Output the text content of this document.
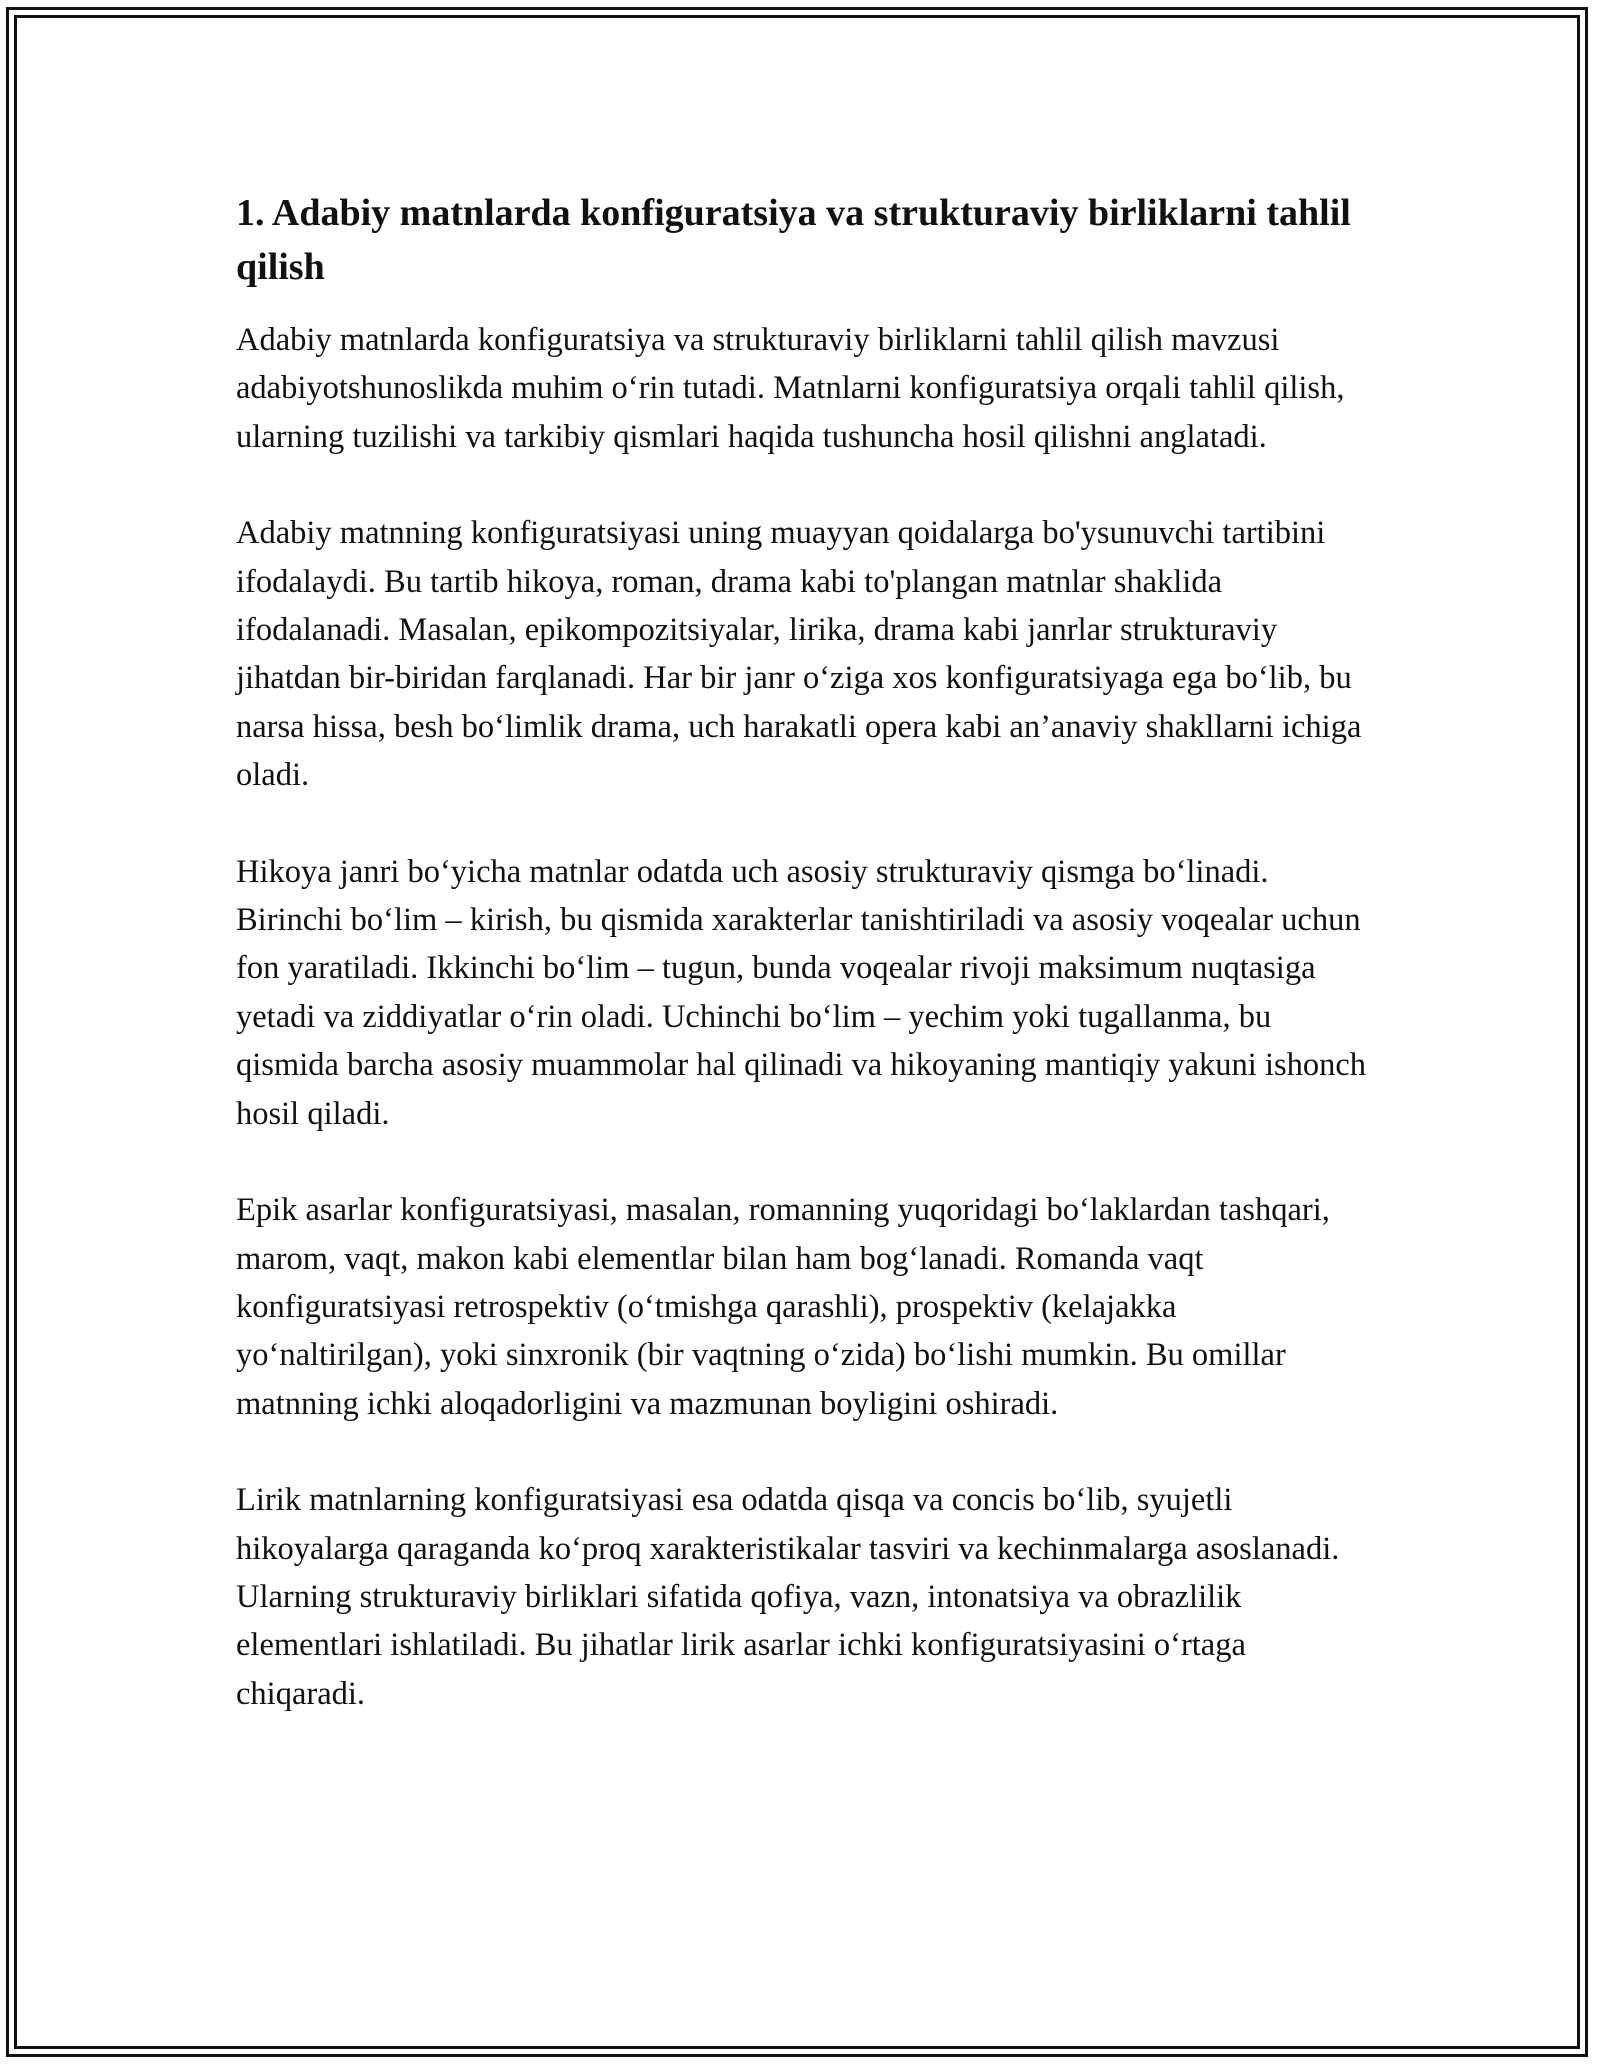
1. Adabiy matnlarda konfiguratsiya va strukturaviy birliklarni tahlil qilish

Adabiy matnlarda konfiguratsiya va strukturaviy birliklarni tahlil qilish mavzusi adabiyotshunoslikda muhim o‘rin tutadi. Matnlarni konfiguratsiya orqali tahlil qilish, ularning tuzilishi va tarkibiy qismlari haqida tushuncha hosil qilishni anglatadi.

Adabiy matnning konfiguratsiyasi uning muayyan qoidalarga bo'ysunuvchi tartibini ifodalaydi. Bu tartib hikoya, roman, drama kabi to'plangan matnlar shaklida ifodalanadi. Masalan, epikompozitsiyalar, lirika, drama kabi janrlar strukturaviy jihatdan bir-biridan farqlanadi. Har bir janr o‘ziga xos konfiguratsiyaga ega bo‘lib, bu narsa hissa, besh bo‘limlik drama, uch harakatli opera kabi an’anaviy shakllarni ichiga oladi.

Hikoya janri bo‘yicha matnlar odatda uch asosiy strukturaviy qismga bo‘linadi. Birinchi bo‘lim – kirish, bu qismida xarakterlar tanishtiriladi va asosiy voqealar uchun fon yaratiladi. Ikkinchi bo‘lim – tugun, bunda voqealar rivoji maksimum nuqtasiga yetadi va ziddiyatlar o‘rin oladi. Uchinchi bo‘lim – yechim yoki tugallanma, bu qismida barcha asosiy muammolar hal qilinadi va hikoyaning mantiqiy yakuni ishonch hosil qiladi.

Epik asarlar konfiguratsiyasi, masalan, romanning yuqoridagi bo‘laklardan tashqari, marom, vaqt, makon kabi elementlar bilan ham bog‘lanadi. Romanda vaqt konfiguratsiyasi retrospektiv (o‘tmishga qarashli), prospektiv (kelajakka yo‘naltirilgan), yoki sinxronik (bir vaqtning o‘zida) bo‘lishi mumkin. Bu omillar matnning ichki aloqadorligini va mazmunan boyligini oshiradi.

Lirik matnlarning konfiguratsiyasi esa odatda qisqa va concis bo‘lib, syujetli hikoyalarga qaraganda ko‘proq xarakteristikalar tasviri va kechinmalarga asoslanadi. Ularning strukturaviy birliklari sifatida qofiya, vazn, intonatsiya va obrazlilik elementlari ishlatiladi. Bu jihatlar lirik asarlar ichki konfiguratsiyasini o‘rtaga chiqaradi.
